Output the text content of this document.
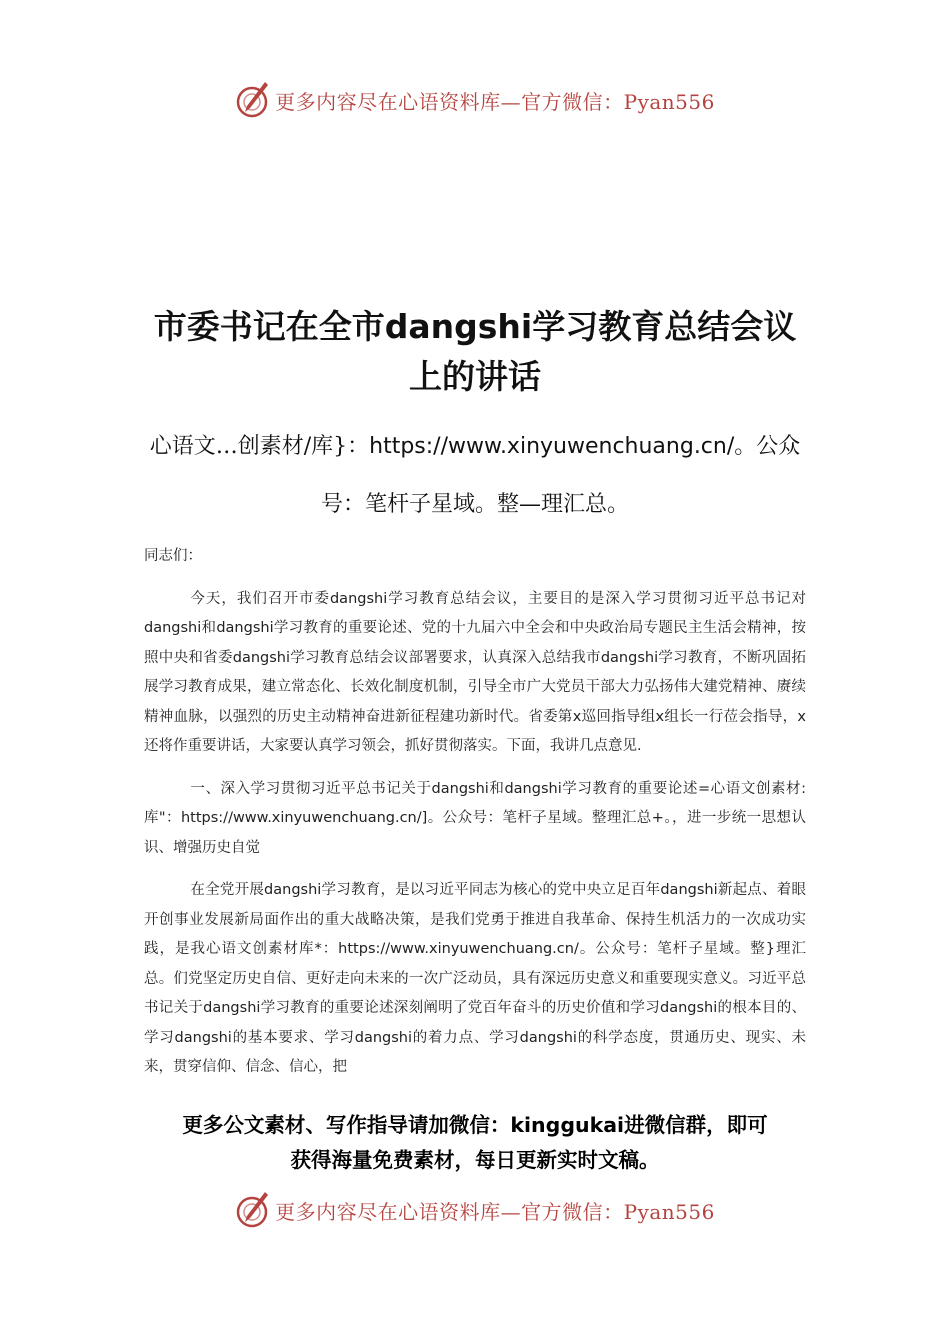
更多内容尽在心语资料库—官方微信：Pyan556
市委书记在全市dangshi学习教育总结会议
上的讲话
心语文…创素材/库}：https://www.xinyuwenchuang.cn/。公众号：笔杆子星域。整—理汇总。

同志们：

今天，我们召开市委dangshi学习教育总结会议，主要目的是深入学习贯彻习近平总书记对dangshi和dangshi学习教育的重要论述、党的十九届六中全会和中央政治局专题民主生活会精神，按照中央和省委dangshi学习教育总结会议部署要求，认真深入总结我市dangshi学习教育，不断巩固拓展学习教育成果，建立常态化、长效化制度机制，引导全市广大党员干部大力弘扬伟大建党精神、赓续精神血脉，以强烈的历史主动精神奋进新征程建功新时代。省委第x巡回指导组x组长一行莅会指导，x还将作重要讲话，大家要认真学习领会，抓好贯彻落实。下面，我讲几点意见.

一、深入学习贯彻习近平总书记关于dangshi和dangshi学习教育的重要论述=心语文创素材:库"：https://www.xinyuwenchuang.cn/]。公众号：笔杆子星域。整理汇总+。，进一步统一思想认识、增强历史自觉

在全党开展dangshi学习教育，是以习近平同志为核心的党中央立足百年dangshi新起点、着眼开创事业发展新局面作出的重大战略决策，是我们党勇于推进自我革命、保持生机活力的一次成功实践，是我心语文创素材库*：https://www.xinyuwenchuang.cn/。公众号：笔杆子星域。整}理汇总。们党坚定历史自信、更好走向未来的一次广泛动员，具有深远历史意义和重要现实意义。习近平总书记关于dangshi学习教育的重要论述深刻阐明了党百年奋斗的历史价值和学习dangshi的根本目的、学习dangshi的基本要求、学习dangshi的着力点、学习dangshi的科学态度，贯通历史、现实、未来，贯穿信仰、信念、信心，把

更多公文素材、写作指导请加微信：kinggukai进微信群，即可
获得海量免费素材，每日更新实时文稿。
更多内容尽在心语资料库—官方微信：Pyan556
